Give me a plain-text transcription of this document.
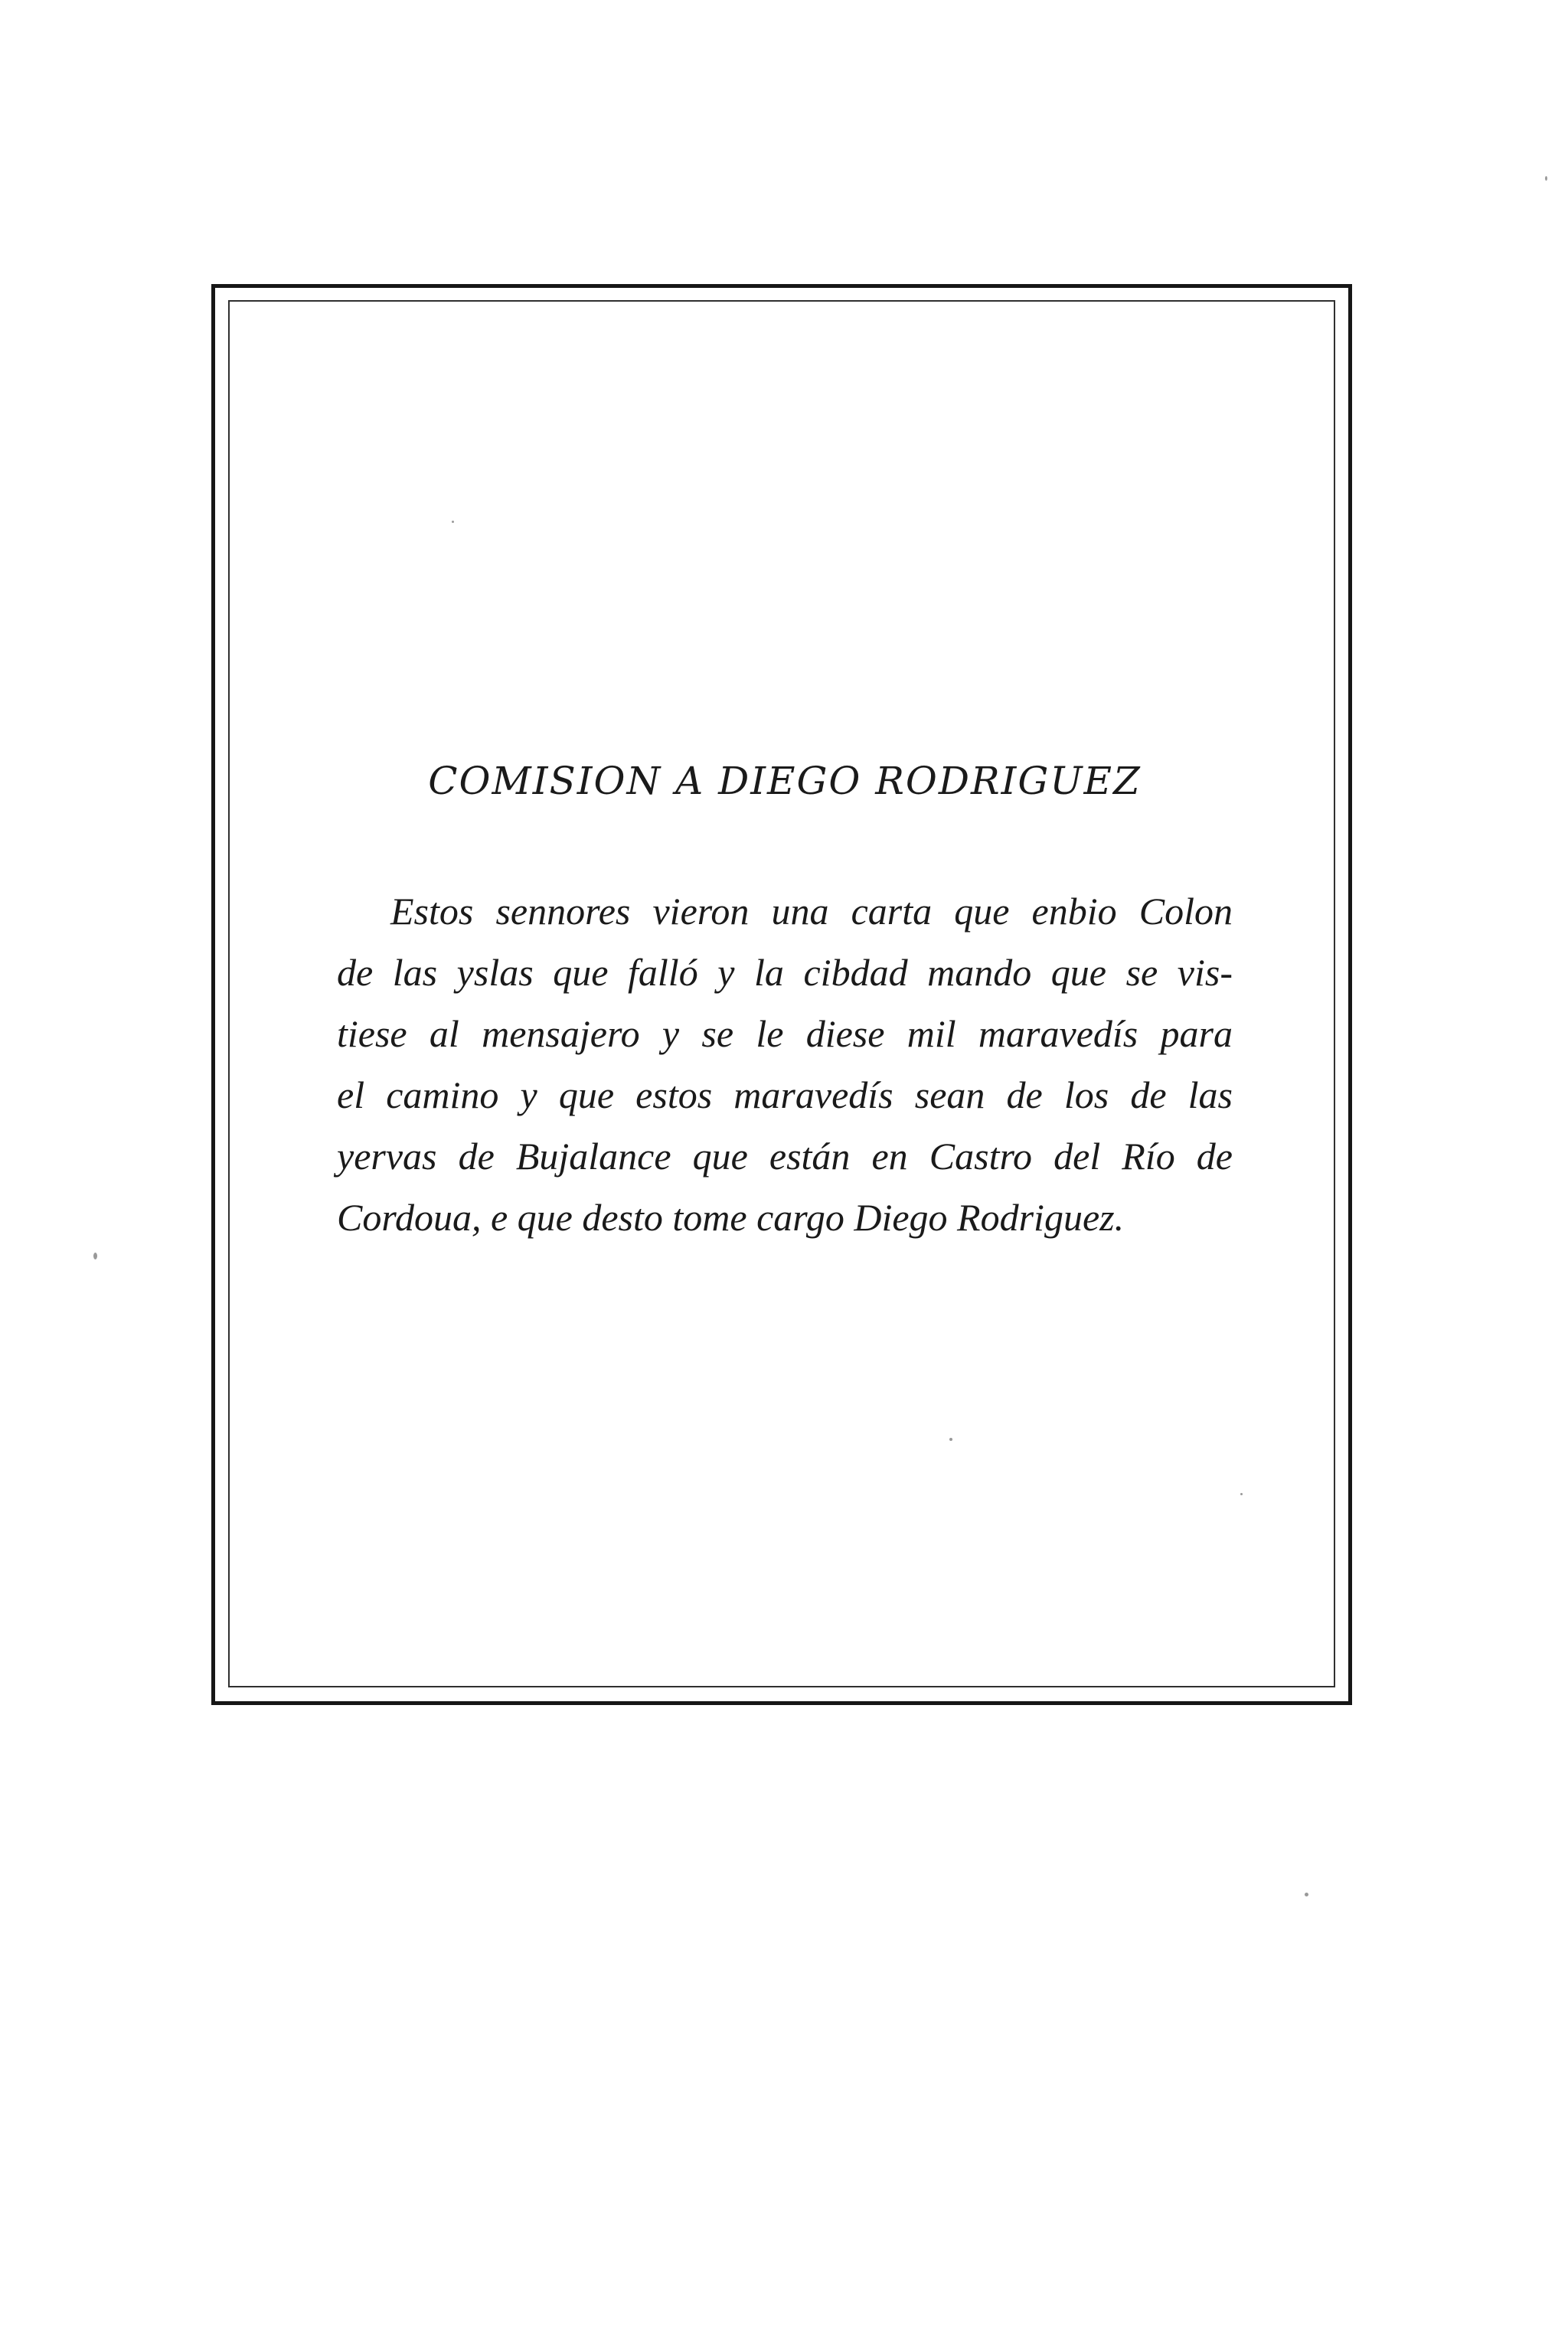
COMISION A DIEGO RODRIGUEZ
Estos sennores vieron una carta que enbio Colon
de las yslas que falló y la cibdad mando que se vis-
tiese al mensajero y se le diese mil maravedís para
el camino y que estos maravedís sean de los de las
yervas de Bujalance que están en Castro del Río de
Cordoua, e que desto tome cargo Diego Rodriguez.
